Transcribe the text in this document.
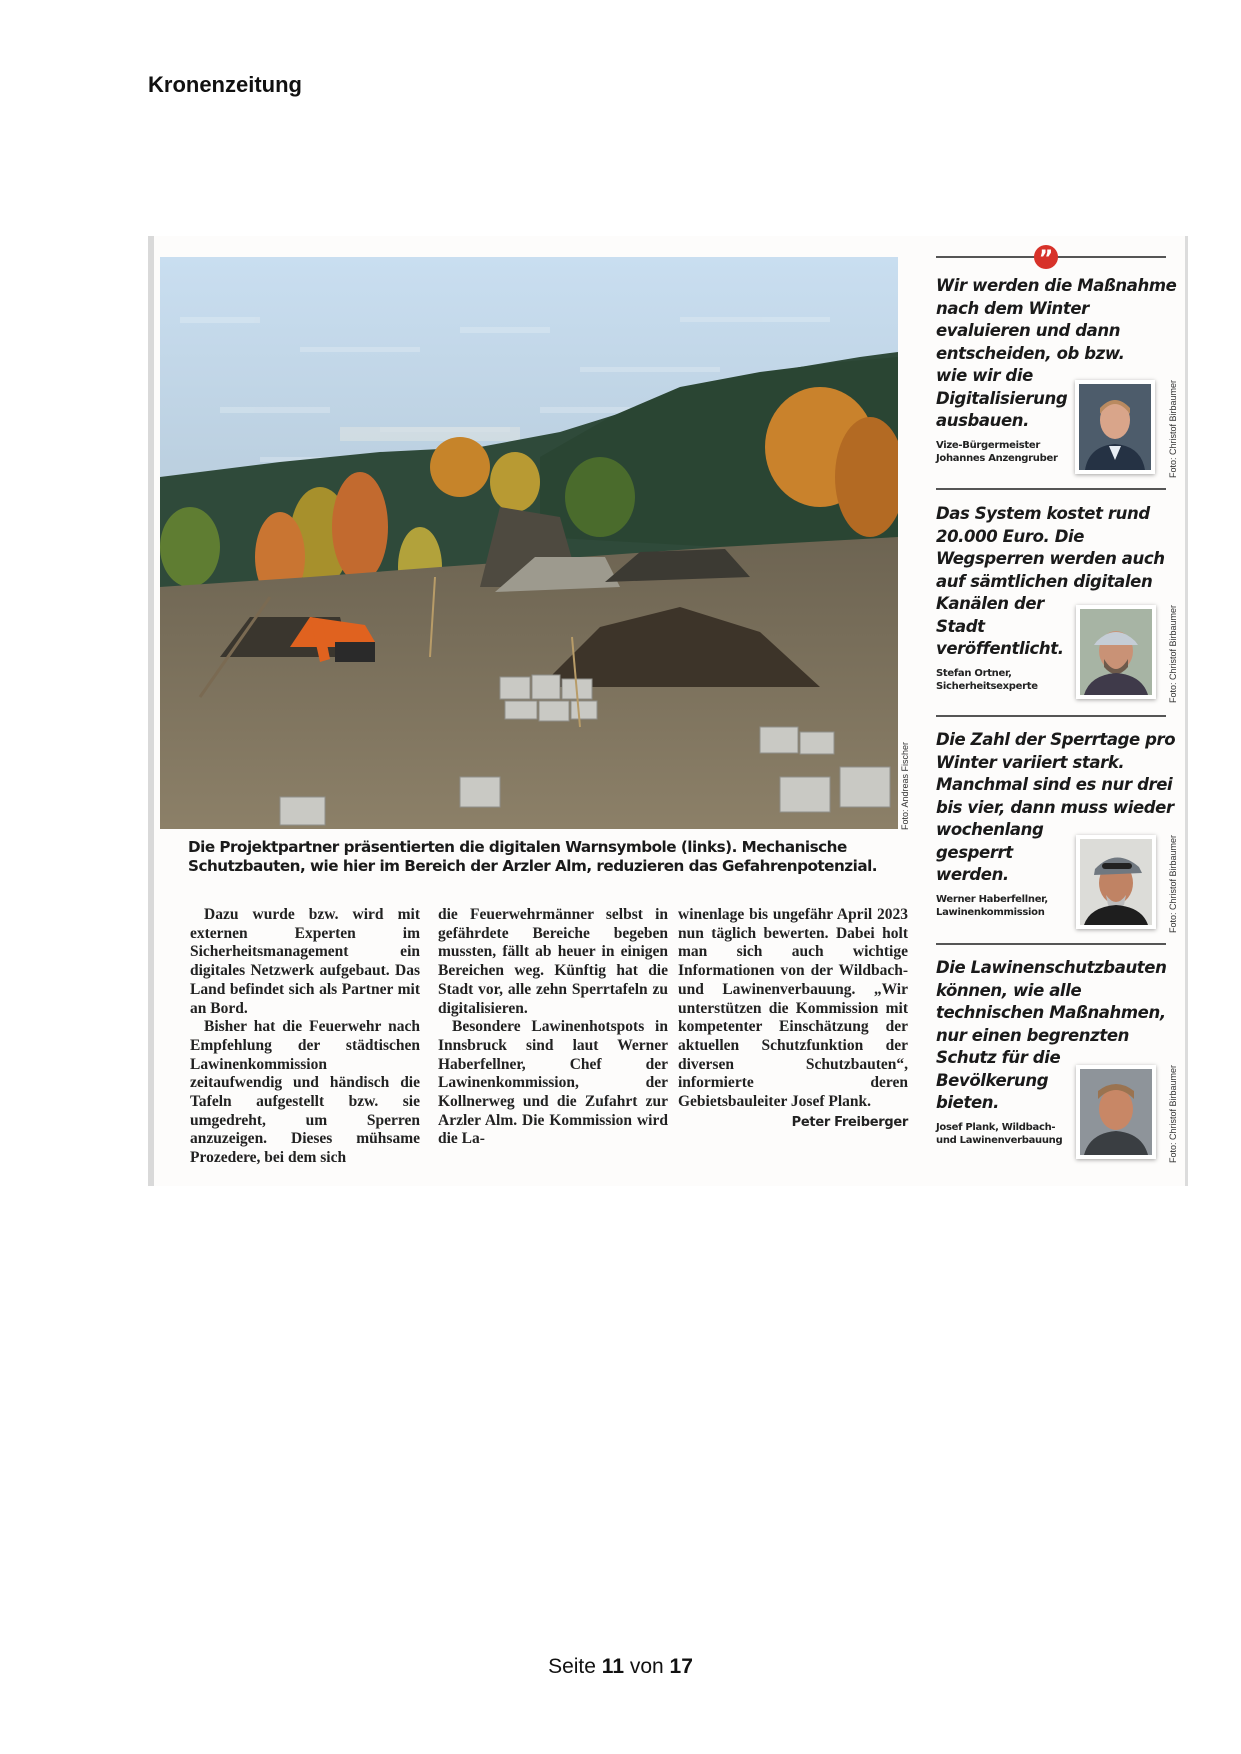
Kronenzeitung
Foto: Andreas Fischer
Die Projektpartner präsentierten die digitalen Warnsymbole (links). Mechanische
Schutzbauten, wie hier im Bereich der Arzler Alm, reduzieren das Gefahrenpotenzial.

Dazu wurde bzw. wird mit externen Experten im Sicherheitsmanagement ein digitales Netzwerk aufgebaut. Das Land befindet sich als Partner mit an Bord.

Bisher hat die Feuerwehr nach Empfehlung der städtischen Lawinenkommission zeitaufwendig und händisch die Tafeln aufgestellt bzw. sie umgedreht, um Sperren anzuzeigen. Dieses mühsame Prozedere, bei dem sich

die Feuerwehrmänner selbst in gefährdete Bereiche begeben mussten, fällt ab heuer in einigen Bereichen weg. Künftig hat die Stadt vor, alle zehn Sperrtafeln zu digitalisieren.

Besondere Lawinenhotspots in Innsbruck sind laut Werner Haberfellner, Chef der Lawinenkommission, der Kollnerweg und die Zufahrt zur Arzler Alm. Die Kommission wird die La-

winenlage bis ungefähr April 2023 nun täglich bewerten. Dabei holt man sich auch wichtige Informationen von der Wildbach- und Lawinenverbauung. „Wir unterstützen die Kommission mit kompetenter Einschätzung der aktuellen Schutzfunktion der diversen Schutzbauten“, informierte deren Gebietsbauleiter Josef Plank.

Peter Freiberger
”
Wir werden die Maßnahme
nach dem Winter
evaluieren und dann
entscheiden, ob bzw.
wie wir die
Digitalisierung
ausbauen.
Vize-Bürgermeister
Johannes Anzengruber	Foto: Christof Birbaumer
Das System kostet rund
20.000 Euro. Die
Wegsperren werden auch
auf sämtlichen digitalen
Kanälen der
Stadt
veröffentlicht.
Stefan Ortner,
Sicherheitsexperte	Foto: Christof Birbaumer
Die Zahl der Sperrtage pro
Winter variiert stark.
Manchmal sind es nur drei
bis vier, dann muss wieder
wochenlang
gesperrt
werden.
Werner Haberfellner,
Lawinenkommission	Foto: Christof Birbaumer
Die Lawinenschutzbauten
können, wie alle
technischen Maßnahmen,
nur einen begrenzten
Schutz für die
Bevölkerung
bieten.
Josef Plank, Wildbach-
und Lawinenverbauung	Foto: Christof Birbaumer
Seite 11 von 17
